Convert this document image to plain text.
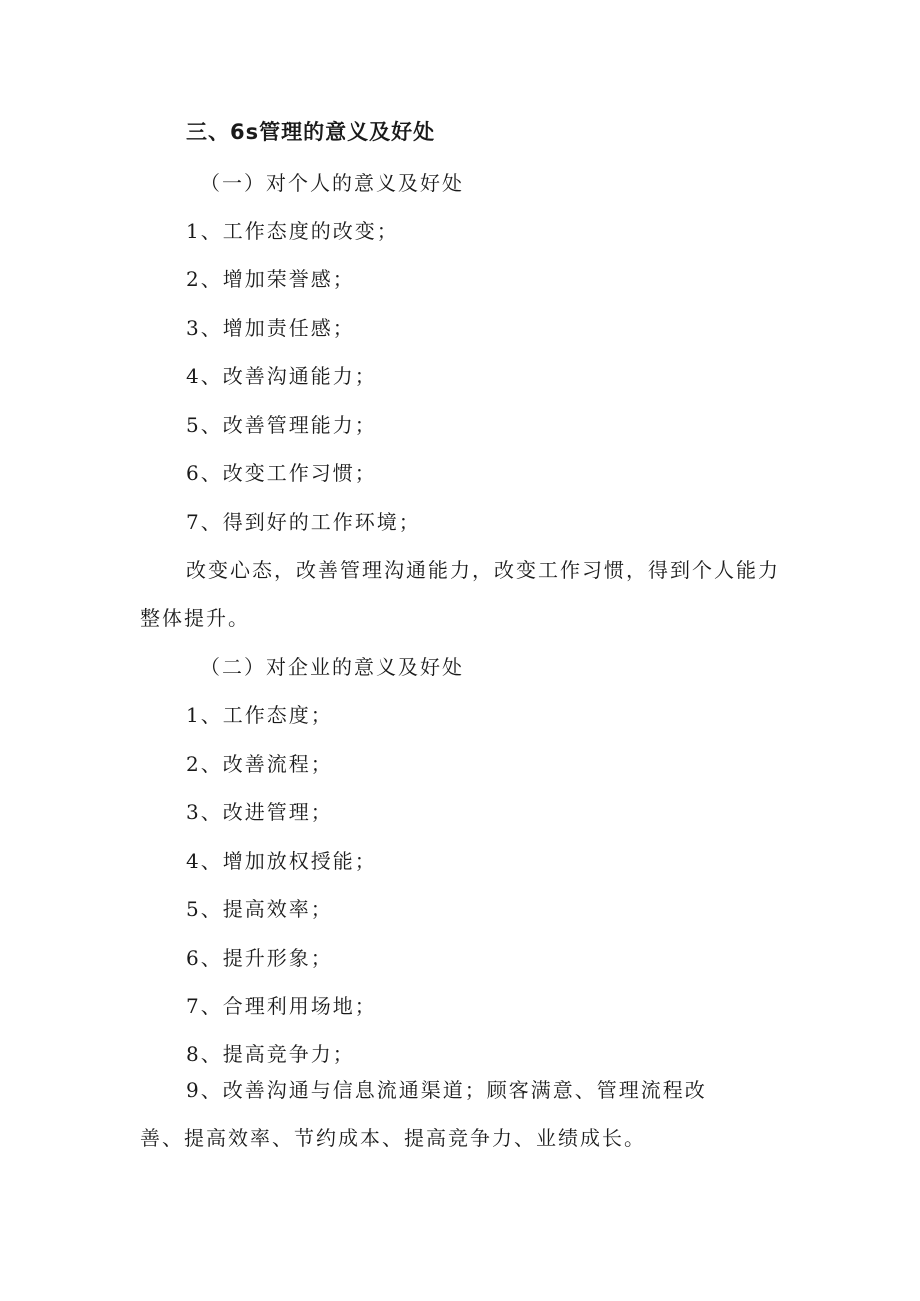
三、6s管理的意义及好处
（一）对个人的意义及好处
1、工作态度的改变；
2、增加荣誉感；
3、增加责任感；
4、改善沟通能力；
5、改善管理能力；
6、改变工作习惯；
7、得到好的工作环境；
改变心态，改善管理沟通能力，改变工作习惯，得到个人能力
整体提升。
（二）对企业的意义及好处
1、工作态度；
2、改善流程；
3、改进管理；
4、增加放权授能；
5、提高效率；
6、提升形象；
7、合理利用场地；
8、提高竞争力；
9、改善沟通与信息流通渠道；顾客满意、管理流程改
善、提高效率、节约成本、提高竞争力、业绩成长。
